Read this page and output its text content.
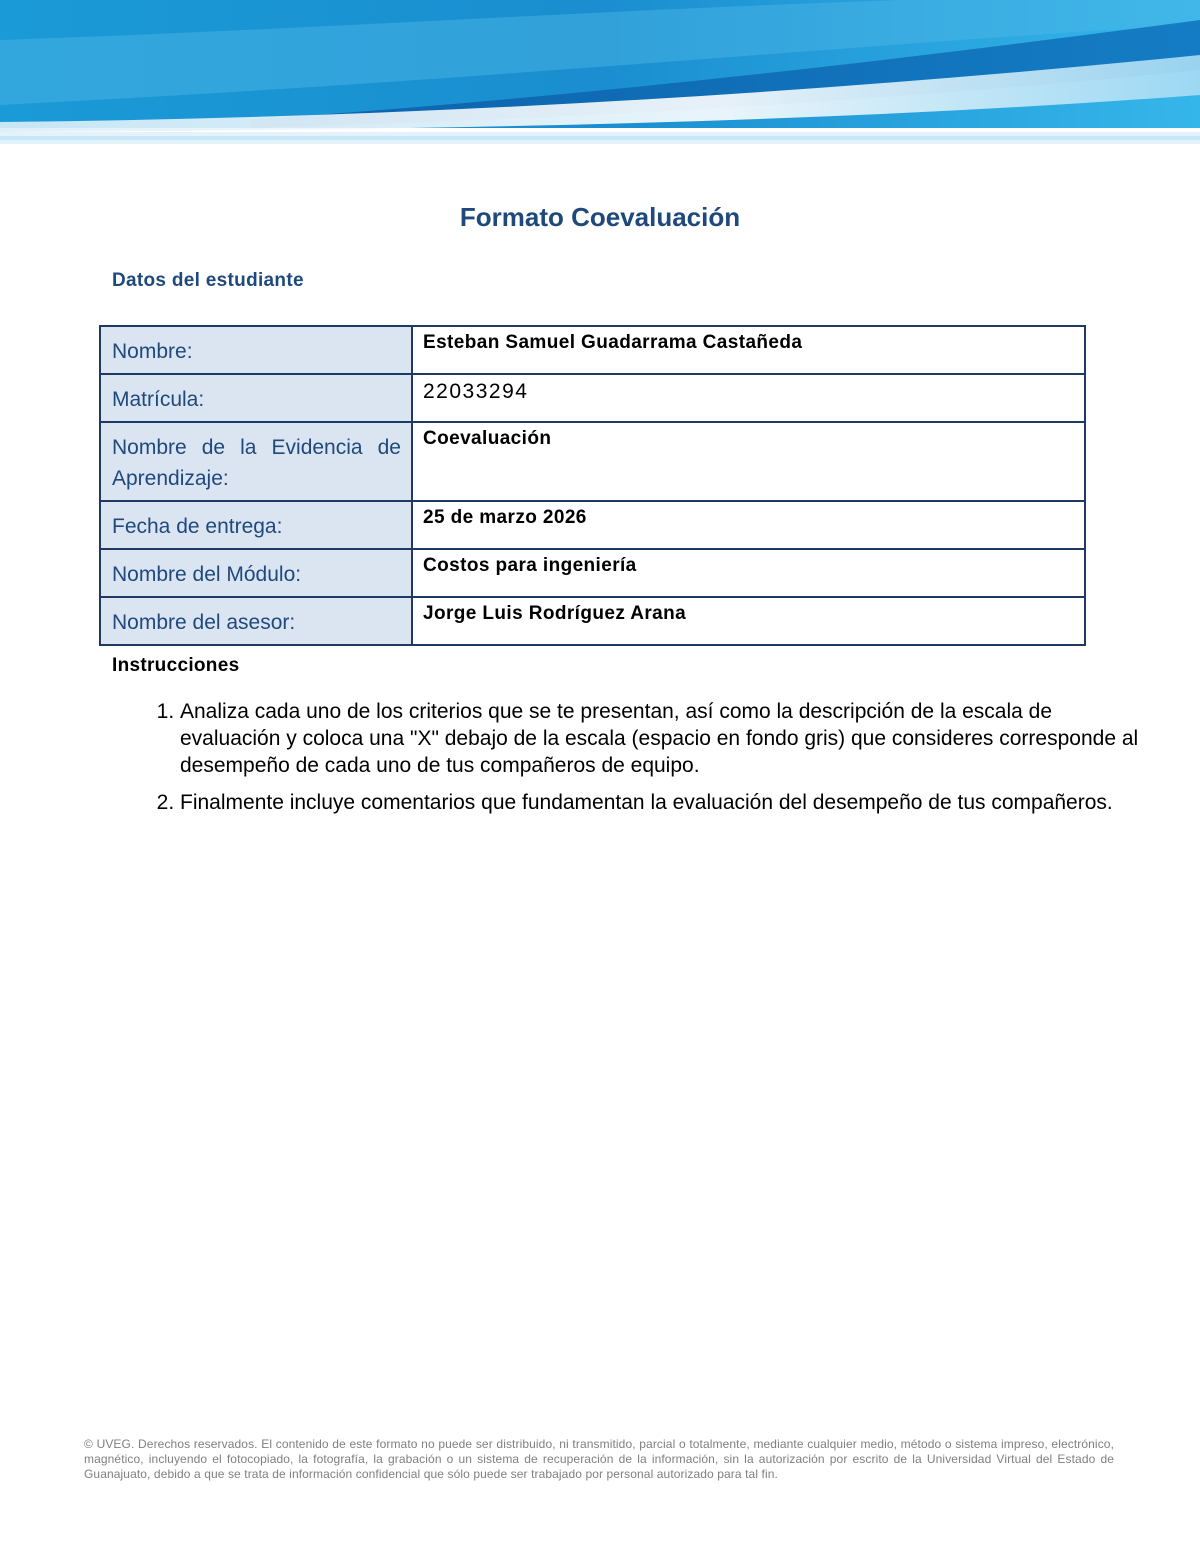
Formato Coevaluación
Datos del estudiante
Nombre:	Esteban Samuel Guadarrama Castañeda
Matrícula:	22033294
Nombre de la Evidencia de Aprendizaje:	Coevaluación
Fecha de entrega:	25 de marzo 2026
Nombre del Módulo:	Costos para ingeniería
Nombre del asesor:	Jorge Luis Rodríguez Arana
Instrucciones
1. Analiza cada uno de los criterios que se te presentan, así como la descripción de la escala de evaluación y coloca una "X" debajo de la escala (espacio en fondo gris) que consideres corresponde al desempeño de cada uno de tus compañeros de equipo.
2. Finalmente incluye comentarios que fundamentan la evaluación del desempeño de tus compañeros.
© UVEG. Derechos reservados. El contenido de este formato no puede ser distribuido, ni transmitido, parcial o totalmente, mediante cualquier medio, método o sistema impreso, electrónico, magnético, incluyendo el fotocopiado, la fotografía, la grabación o un sistema de recuperación de la información, sin la autorización por escrito de la Universidad Virtual del Estado de Guanajuato, debido a que se trata de información confidencial que sólo puede ser trabajado por personal autorizado para tal fin.
